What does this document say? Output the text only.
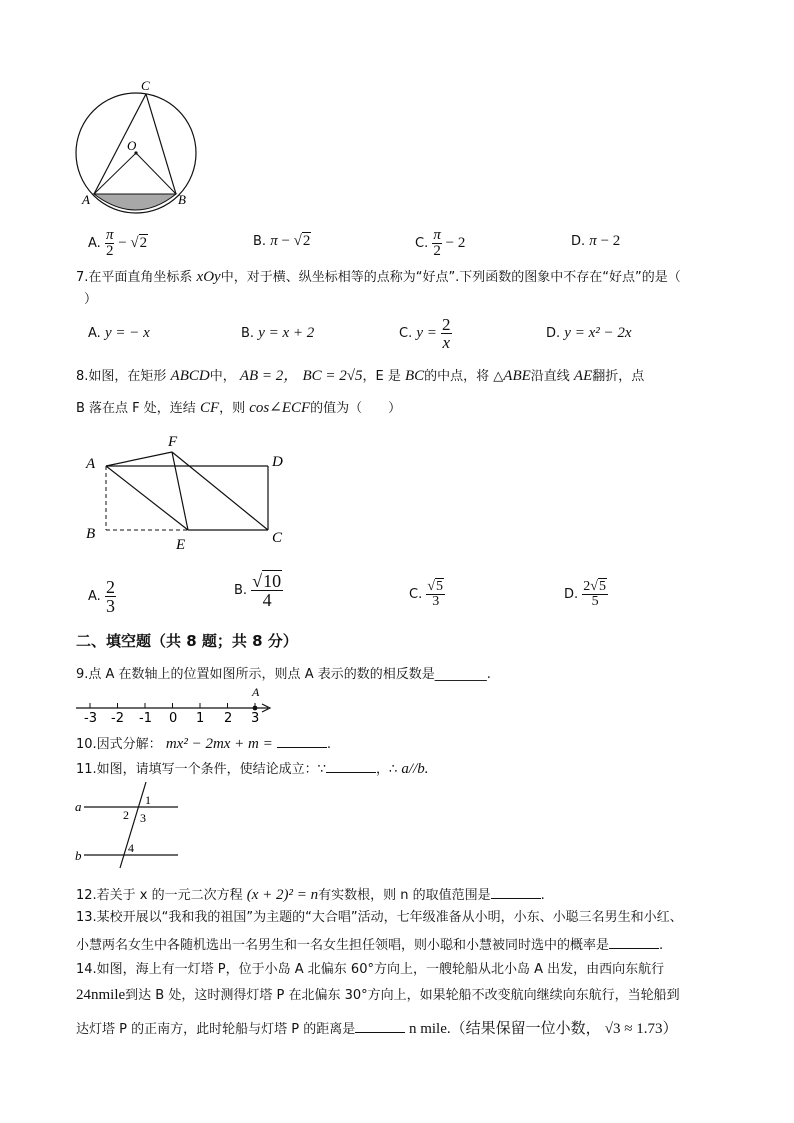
C
O
A	B
A. $\frac{\pi}{2} - √2$	B. π − √2	C. $\frac{\pi}{2} - 2$	D. π − 2
7.在平面直角坐标系 xOy中，对于横、纵坐标相等的点称为“好点”.下列函数的图象中不存在“好点”的是（
）
A. y = − x	B. y = x + 2	C. $y = \frac{2}{x}$	D. y = x² − 2x
8.如图，在矩形 ABCD中， AB = 2， BC = 2√5，E 是 BC的中点，将 △ABE沿直线 AE翻折，点
B 落在点 F 处，连结 CF，则 cos∠ECF的值为（　　）
A
F
D
B
E	C
A. $\frac{2}{3}$	B. $\frac{√10}{4}$	C. $\frac{√5}{3}$	D. $\frac{2√5}{5}$
二、填空题（共 8 题；共 8 分）
9.点 A 在数轴上的位置如图所示，则点 A 表示的数的相反数是________.
A
-3 -2 -1 0 1 2 3
10.因式分解： mx² − 2mx + m =	.
11.如图，请填写一个条件，使结论成立：∵	，∴ a//b.
a
b
1
2 3
4
12.若关于 x 的一元二次方程 (x + 2)² = n有实数根，则 n 的取值范围是	.
13.某校开展以“我和我的祖国”为主题的“大合唱”活动，七年级准备从小明，小东、小聪三名男生和小红、
小慧两名女生中各随机选出一名男生和一名女生担任领唱，则小聪和小慧被同时选中的概率是	.
14.如图，海上有一灯塔 P，位于小岛 A 北偏东 60°方向上，一艘轮船从北小岛 A 出发，由西向东航行
24nmile到达 B 处，这时测得灯塔 P 在北偏东 30°方向上，如果轮船不改变航向继续向东航行，当轮船到
达灯塔 P 的正南方，此时轮船与灯塔 P 的距离是	n mile.（结果保留一位小数， √3 ≈ 1.73）
